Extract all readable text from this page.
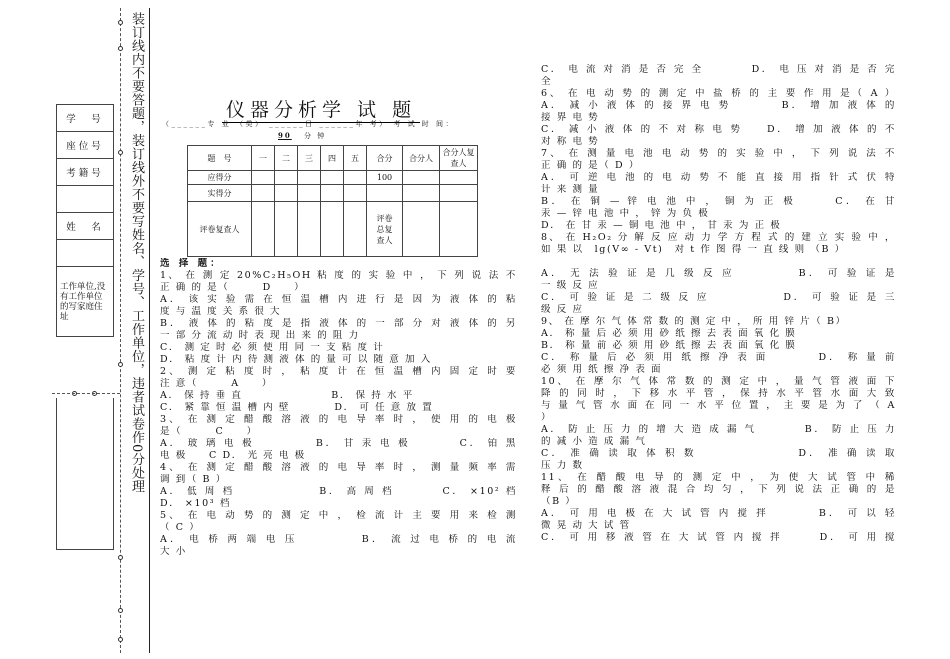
装订线内不要答题，装订线外不要写姓名、学号、工作单位，违者试卷作0分处理
学　号
座位号
考籍号

姓　名

工作单位,没有工作单位的写家庭住址
仪器分析学 试 题
（______专 业 （类） ______日 ______年 考） 考 试 时 间：
90 分 钟
题　号	一	二	三	四	五	合分	合分人	合分人复查人
应得分						100		
实得分								
评卷复查人						评卷总复查人		
选 择 题：
1、 在 测 定 20%C₂H₅OH 粘 度 的 实 验 中 ， 下 列 说 法 不
正 确 的 是（　　　D　　）
A． 该 实 验 需 在 恒 温 槽 内 进 行 是 因 为 液 体 的 粘
度 与 温 度 关 系 很 大
B． 液 体 的 粘 度 是 指 液 体 的 一 部 分 对 液 体 的 另
一 部 分 流 动 时 表 现 出 来 的 阻 力
C． 测 定 时 必 须 使 用 同 一 支 粘 度 计
D． 粘 度 计 内 待 测 液 体 的 量 可 以 随 意 加 入
2、 测 定 粘 度 时 ， 粘 度 计 在 恒 温 槽 内 固 定 时 要
注 意（　　　A　　）
A． 保 持 垂 直　　　　　　　　B． 保 持 水 平
C． 紧 靠 恒 温 槽 内 壁　　　　D． 可 任 意 放 置
3、 在 测 定 醋 酸 溶 液 的 电 导 率 时 ， 使 用 的 电 极
是（　　　C　　）
A． 玻 璃 电 极　　　　　B． 甘 汞 电 极　　　　C． 铂 黑
电 极　　C D． 光 亮 电 极
4、 在 测 定 醋 酸 溶 液 的 电 导 率 时 ， 测 量 频 率 需
调 到（ B ）
A． 低 周 档　　　　　　　B． 高 周 档　　　　C． ×10² 档
D． ×10³ 档
5、 在 电 动 势 的 测 定 中 ， 检 流 计 主 要 用 来 检 测
（ C ）
A． 电 桥 两 端 电 压　　　　　B． 流 过 电 桥 的 电 流
大 小
C． 电 流 对 消 是 否 完 全　　　　D． 电 压 对 消 是 否 完
全
6、 在 电 动 势 的 测 定 中 盐 桥 的 主 要 作 用 是（ A ）
A． 减 小 液 体 的 接 界 电 势　　　　B． 增 加 液 体 的
接 界 电 势
C． 减 小 液 体 的 不 对 称 电 势　　D． 增 加 液 体 的 不
对 称 电 势
7、 在 测 量 电 池 电 动 势 的 实 验 中 ， 下 列 说 法 不
正 确 的 是（ D ）
A． 可 逆 电 池 的 电 动 势 不 能 直 接 用 指 针 式 伏 特
计 来 测 量
B． 在 铜 — 锌 电 池 中 ， 铜 为 正 极　　　C． 在 甘
汞 — 锌 电 池 中 ， 锌 为 负 极
D． 在 甘 汞 — 铜 电 池 中 ， 甘 汞 为 正 极
8、 在 H₂O₂ 分 解 反 应 动 力 学 方 程 式 的 建 立 实 验 中 ，
如 果 以　lg(V∞ - Vt)　对 t 作 图 得 一 直 线 则 （B ）
A． 无 法 验 证 是 几 级 反 应　　　　　B． 可 验 证 是
一 级 反 应
C． 可 验 证 是 二 级 反 应　　　　　　D． 可 验 证 是 三
级 反 应
9、 在 摩 尔 气 体 常 数 的 测 定 中 ， 所 用 锌 片（ B）
A． 称 量 后 必 须 用 砂 纸 擦 去 表 面 氧 化 膜
B． 称 量 前 必 须 用 砂 纸 擦 去 表 面 氧 化 膜
C． 称 量 后 必 须 用 纸 擦 净 表 面　　　　D． 称 量 前
必 须 用 纸 擦 净 表 面
10、 在 摩 尔 气 体 常 数 的 测 定 中 ， 量 气 管 液 面 下
降 的 同 时 ， 下 移 水 平 管 ， 保 持 水 平 管 水 面 大 致
与 量 气 管 水 面 在 同 一 水 平 位 置 ， 主 要 是 为 了 （ A
）
A． 防 止 压 力 的 增 大 造 成 漏 气　　　　B． 防 止 压 力
的 减 小 造 成 漏 气
C． 准 确 读 取 体 积 数　　　　　　　　D． 准 确 读 取
压 力 数
11、 在 醋 酸 电 导 的 测 定 中 ， 为 使 大 试 管 中 稀
释 后 的 醋 酸 溶 液 混 合 均 匀 ， 下 列 说 法 正 确 的 是
（B ）
A． 可 用 电 极 在 大 试 管 内 搅 拌　　　　B． 可 以 轻
微 晃 动 大 试 管
C． 可 用 移 液 管 在 大 试 管 内 搅 拌　　　D． 可 用 搅
